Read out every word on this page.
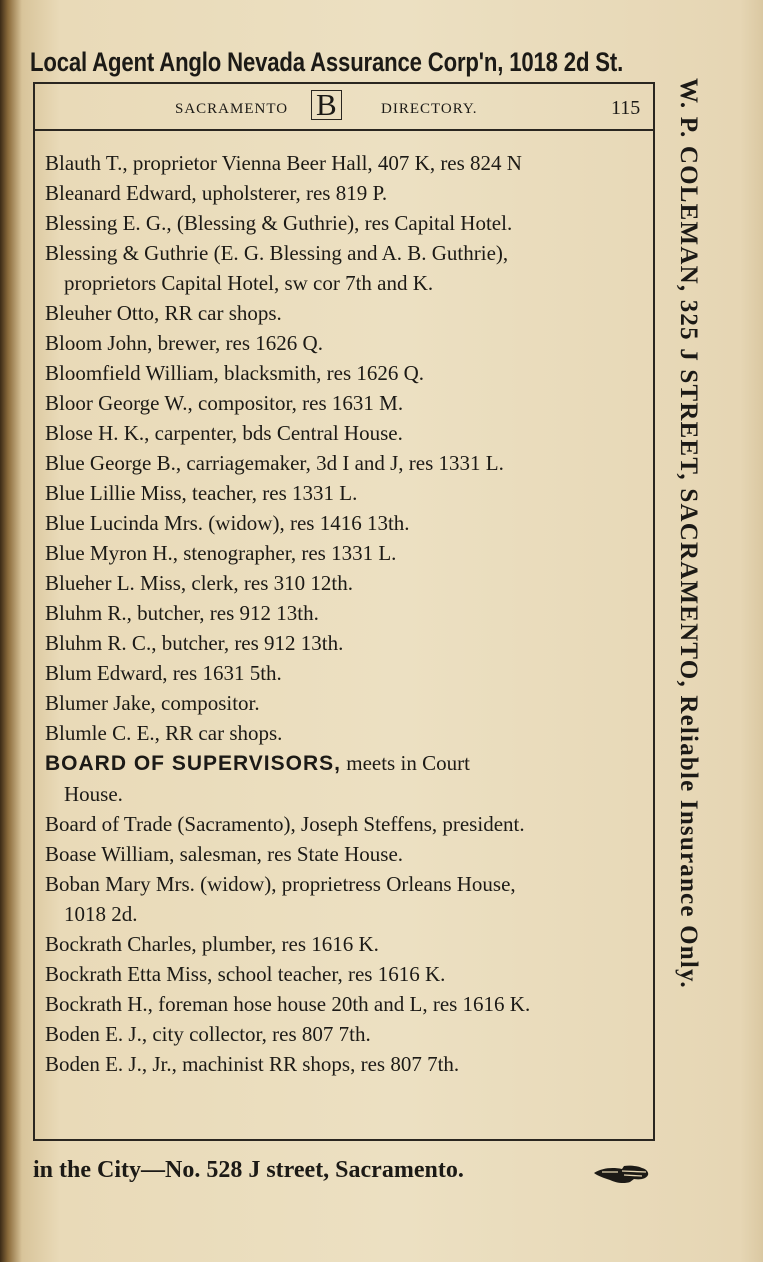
Local Agent Anglo Nevada Assurance Corp'n, 1018 2d St.
SACRAMENTO B	DIRECTORY.	115
Blauth T., proprietor Vienna Beer Hall, 407 K, res 824 N
Bleanard Edward, upholsterer, res 819 P.
Blessing E. G., (Blessing & Guthrie), res Capital Hotel.
Blessing & Guthrie (E. G. Blessing and A. B. Guthrie),
proprietors Capital Hotel, sw cor 7th and K.
Bleuher Otto, RR car shops.
Bloom John, brewer, res 1626 Q.
Bloomfield William, blacksmith, res 1626 Q.
Bloor George W., compositor, res 1631 M.
Blose H. K., carpenter, bds Central House.
Blue George B., carriagemaker, 3d I and J, res 1331 L.
Blue Lillie Miss, teacher, res 1331 L.
Blue Lucinda Mrs. (widow), res 1416 13th.
Blue Myron H., stenographer, res 1331 L.
Blueher L. Miss, clerk, res 310 12th.
Bluhm R., butcher, res 912 13th.
Bluhm R. C., butcher, res 912 13th.
Blum Edward, res 1631 5th.
Blumer Jake, compositor.
Blumle C. E., RR car shops.
BOARD OF SUPERVISORS, meets in Court
House.
Board of Trade (Sacramento), Joseph Steffens, president.
Boase William, salesman, res State House.
Boban Mary Mrs. (widow), proprietress Orleans House,
1018 2d.
Bockrath Charles, plumber, res 1616 K.
Bockrath Etta Miss, school teacher, res 1616 K.
Bockrath H., foreman hose house 20th and L, res 1616 K.
Boden E. J., city collector, res 807 7th.
Boden E. J., Jr., machinist RR shops, res 807 7th.
W. P. COLEMAN, 325 J STREET, SACRAMENTO, Reliable Insurance Only.
in the City—No. 528 J street, Sacramento.
